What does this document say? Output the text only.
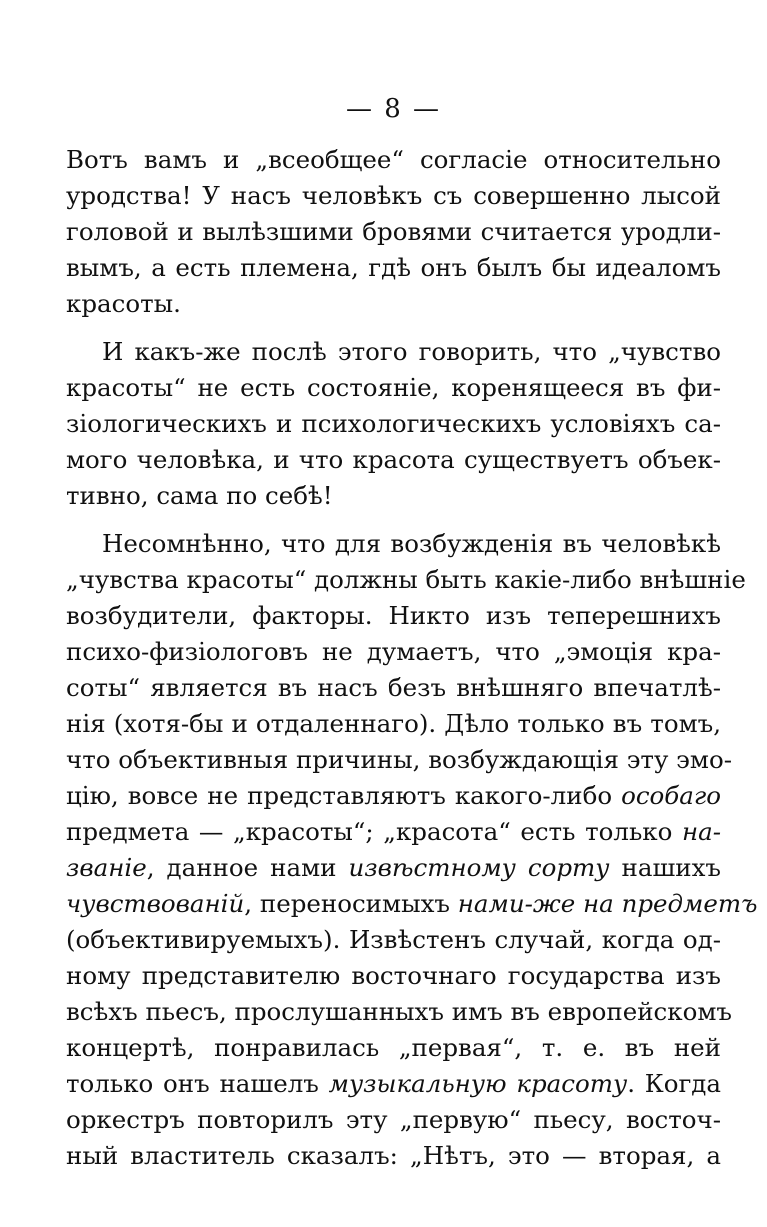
— 8 —
Вотъ вамъ и „всеобщее“ согласіе относительно
уродства! У насъ человѣкъ съ совершенно лысой
головой и вылѣзшими бровями считается уродли-
вымъ, а есть племена, гдѣ онъ былъ бы идеаломъ
красоты.
И какъ-же послѣ этого говорить, что „чувство
красоты“ не есть состояніе, коренящееся въ фи-
зіологическихъ и психологическихъ условіяхъ са-
мого человѣка, и что красота существуетъ объек-
тивно, сама по себѣ!
Несомнѣнно, что для возбужденія въ человѣкѣ
„чувства красоты“ должны быть какіе-либо внѣшніе
возбудители, факторы. Никто изъ теперешнихъ
психо-физіологовъ не думаетъ, что „эмоція кра-
соты“ является въ насъ безъ внѣшняго впечатлѣ-
нія (хотя-бы и отдаленнаго). Дѣло только въ томъ,
что объективныя причины, возбуждающія эту эмо-
цію, вовсе не представляютъ какого-либо особаго
предмета — „красоты“; „красота“ есть только на-
званіе, данное нами извѣстному сорту нашихъ
чувствованій, переносимыхъ нами-же на предметъ
(объективируемыхъ). Извѣстенъ случай, когда од-
ному представителю восточнаго государства изъ
всѣхъ пьесъ, прослушанныхъ имъ въ европейскомъ
концертѣ, понравилась „первая“, т. е. въ ней
только онъ нашелъ музыкальную красоту. Когда
оркестръ повторилъ эту „первую“ пьесу, восточ-
ный властитель сказалъ: „Нѣтъ, это — вторая, а
